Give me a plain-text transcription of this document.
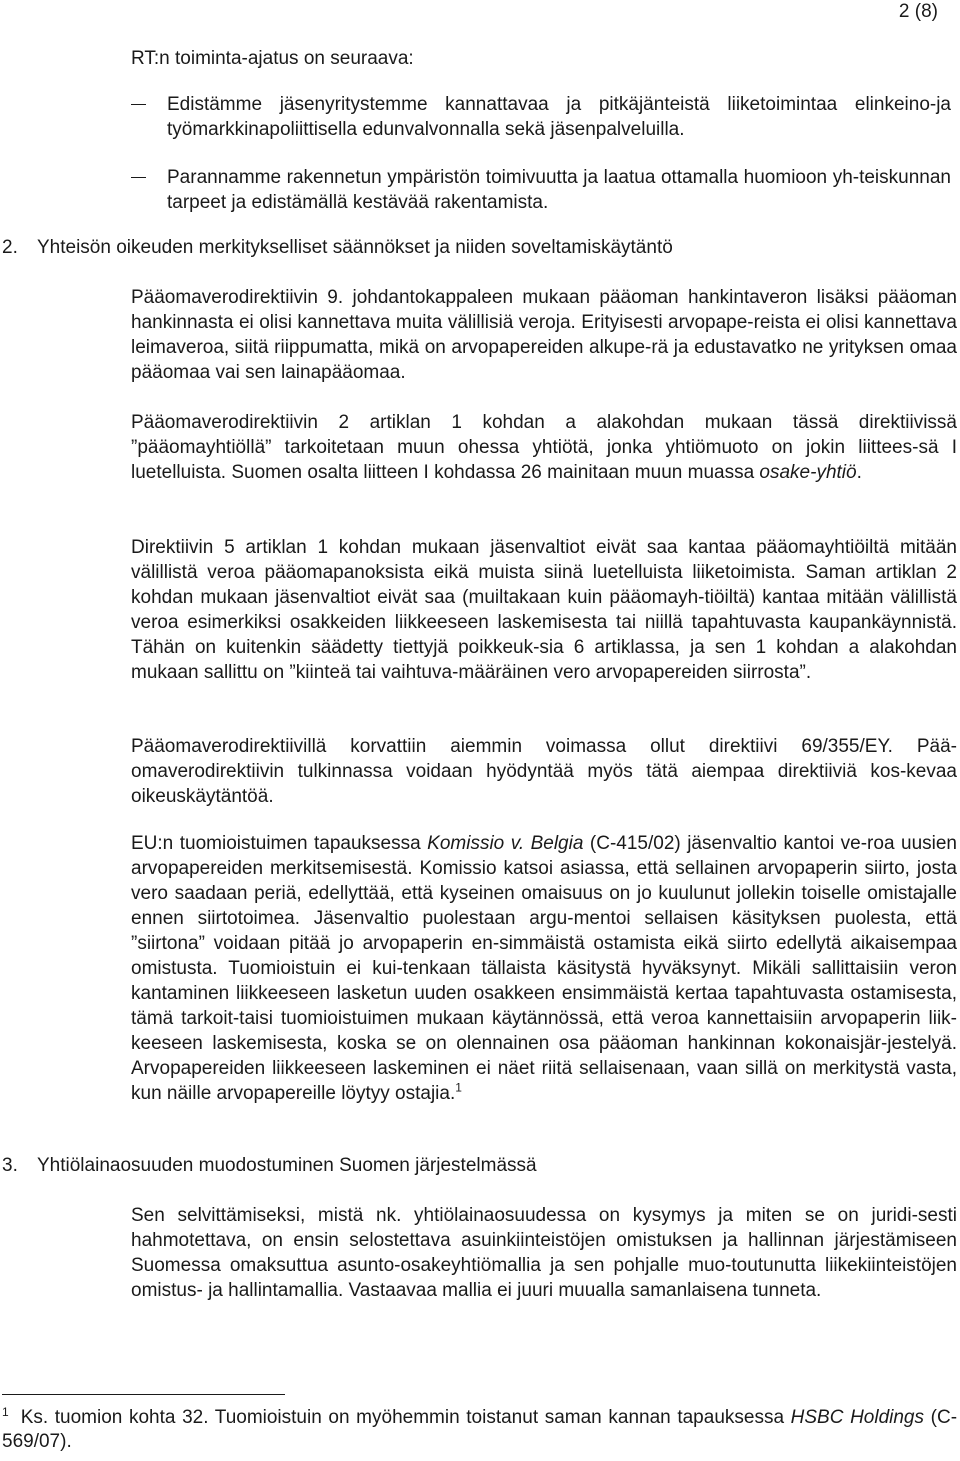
2 (8)
RT:n toiminta-ajatus on seuraava:
Edistämme jäsenyritystemme kannattavaa ja pitkäjänteistä liiketoimintaa elinkeino-ja työmarkkinapoliittisella edunvalvonnalla sekä jäsenpalveluilla.
Parannamme rakennetun ympäristön toimivuutta ja laatua ottamalla huomioon yh-teiskunnan tarpeet ja edistämällä kestävää rakentamista.
2. Yhteisön oikeuden merkitykselliset säännökset ja niiden soveltamiskäytäntö

Pääomaverodirektiivin 9. johdantokappaleen mukaan pääoman hankintaveron lisäksi pääoman hankinnasta ei olisi kannettava muita välillisiä veroja. Erityisesti arvopape-reista ei olisi kannettava leimaveroa, siitä riippumatta, mikä on arvopapereiden alkupe-rä ja edustavatko ne yrityksen omaa pääomaa vai sen lainapääomaa.

Pääomaverodirektiivin 2 artiklan 1 kohdan a alakohdan mukaan tässä direktiivissä ”pääomayhtiöllä” tarkoitetaan muun ohessa yhtiötä, jonka yhtiömuoto on jokin liittees-sä I luetelluista. Suomen osalta liitteen I kohdassa 26 mainitaan muun muassa osake-yhtiö.

Direktiivin 5 artiklan 1 kohdan mukaan jäsenvaltiot eivät saa kantaa pääomayhtiöiltä mitään välillistä veroa pääomapanoksista eikä muista siinä luetelluista liiketoimista. Saman artiklan 2 kohdan mukaan jäsenvaltiot eivät saa (muiltakaan kuin pääomayh-tiöiltä) kantaa mitään välillistä veroa esimerkiksi osakkeiden liikkeeseen laskemisesta tai niillä tapahtuvasta kaupankäynnistä. Tähän on kuitenkin säädetty tiettyjä poikkeuk-sia 6 artiklassa, ja sen 1 kohdan a alakohdan mukaan sallittu on ”kiinteä tai vaihtuva-määräinen vero arvopapereiden siirrosta”.

Pääomaverodirektiivillä korvattiin aiemmin voimassa ollut direktiivi 69/355/EY. Pää-omaverodirektiivin tulkinnassa voidaan hyödyntää myös tätä aiempaa direktiiviä kos-kevaa oikeuskäytäntöä.

EU:n tuomioistuimen tapauksessa Komissio v. Belgia (C-415/02) jäsenvaltio kantoi ve-roa uusien arvopapereiden merkitsemisestä. Komissio katsoi asiassa, että sellainen arvopaperin siirto, josta vero saadaan periä, edellyttää, että kyseinen omaisuus on jo kuulunut jollekin toiselle omistajalle ennen siirtotoimea. Jäsenvaltio puolestaan argu-mentoi sellaisen käsityksen puolesta, että ”siirtona” voidaan pitää jo arvopaperin en-simmäistä ostamista eikä siirto edellytä aikaisempaa omistusta. Tuomioistuin ei kui-tenkaan tällaista käsitystä hyväksynyt. Mikäli sallittaisiin veron kantaminen liikkeeseen lasketun uuden osakkeen ensimmäistä kertaa tapahtuvasta ostamisesta, tämä tarkoit-taisi tuomioistuimen mukaan käytännössä, että veroa kannettaisiin arvopaperin liik-keeseen laskemisesta, koska se on olennainen osa pääoman hankinnan kokonaisjär-jestelyä. Arvopapereiden liikkeeseen laskeminen ei näet riitä sellaisenaan, vaan sillä on merkitystä vasta, kun näille arvopapereille löytyy ostajia.$^1$

3. Yhtiölainaosuuden muodostuminen Suomen järjestelmässä

Sen selvittämiseksi, mistä nk. yhtiölainaosuudessa on kysymys ja miten se on juridi-sesti hahmotettava, on ensin selostettava asuinkiinteistöjen omistuksen ja hallinnan järjestämiseen Suomessa omaksuttua asunto-osakeyhtiömallia ja sen pohjalle muo-toutunutta liikekiinteistöjen omistus- ja hallintamallia. Vastaavaa mallia ei juuri muualla samanlaisena tunneta.

$^1$ Ks. tuomion kohta 32. Tuomioistuin on myöhemmin toistanut saman kannan tapauksessa HSBC Holdings (C-569/07).
